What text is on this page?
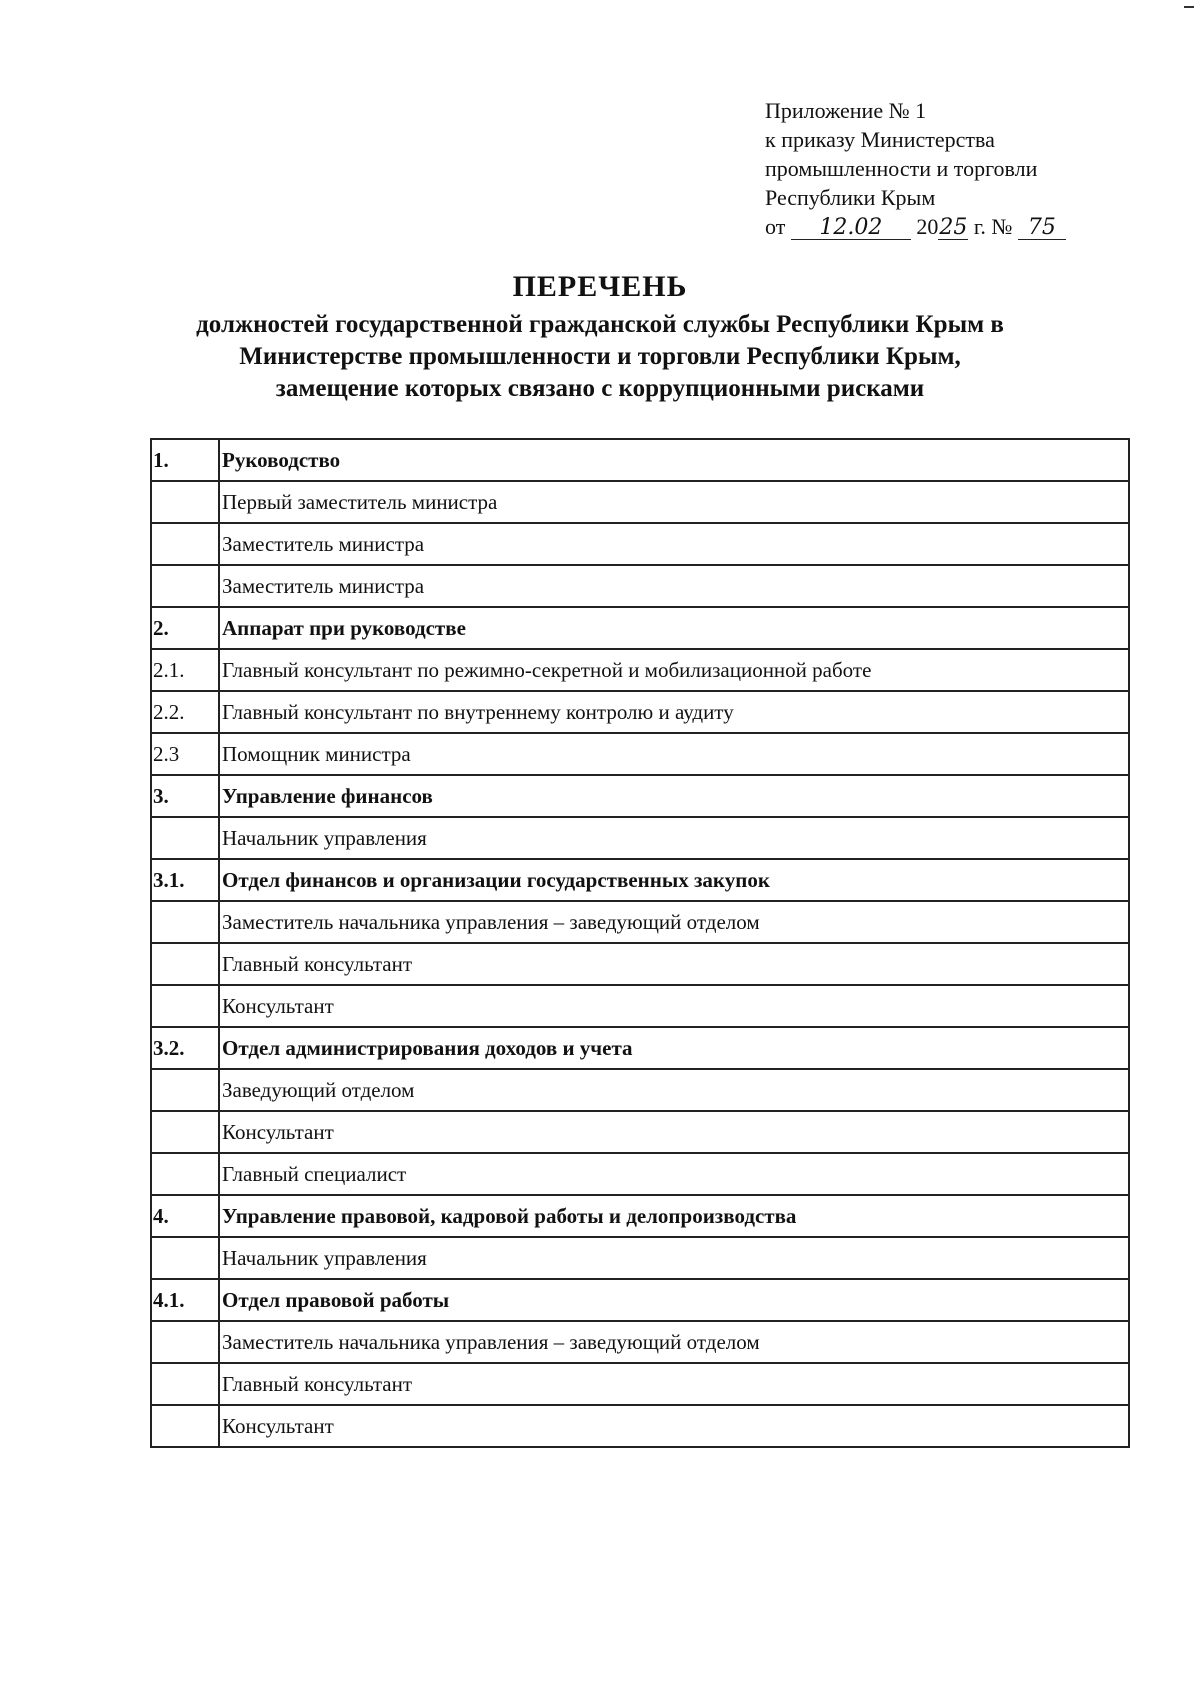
Приложение № 1
к приказу Министерства
промышленности и торговли
Республики Крым
от 12.02 2025 г. № 75
ПЕРЕЧЕНЬ
должностей государственной гражданской службы Республики Крым в
Министерстве промышленности и торговли Республики Крым,
замещение которых связано с коррупционными рисками
1.	Руководство
	Первый заместитель министра
	Заместитель министра
	Заместитель министра
2.	Аппарат при руководстве
2.1.	Главный консультант по режимно-секретной и мобилизационной работе
2.2.	Главный консультант по внутреннему контролю и аудиту
2.3	Помощник министра
3.	Управление финансов
	Начальник управления
3.1.	Отдел финансов и организации государственных закупок
	Заместитель начальника управления – заведующий отделом
	Главный консультант
	Консультант
3.2.	Отдел администрирования доходов и учета
	Заведующий отделом
	Консультант
	Главный специалист
4.	Управление правовой, кадровой работы и делопроизводства
	Начальник управления
4.1.	Отдел правовой работы
	Заместитель начальника управления – заведующий отделом
	Главный консультант
	Консультант
